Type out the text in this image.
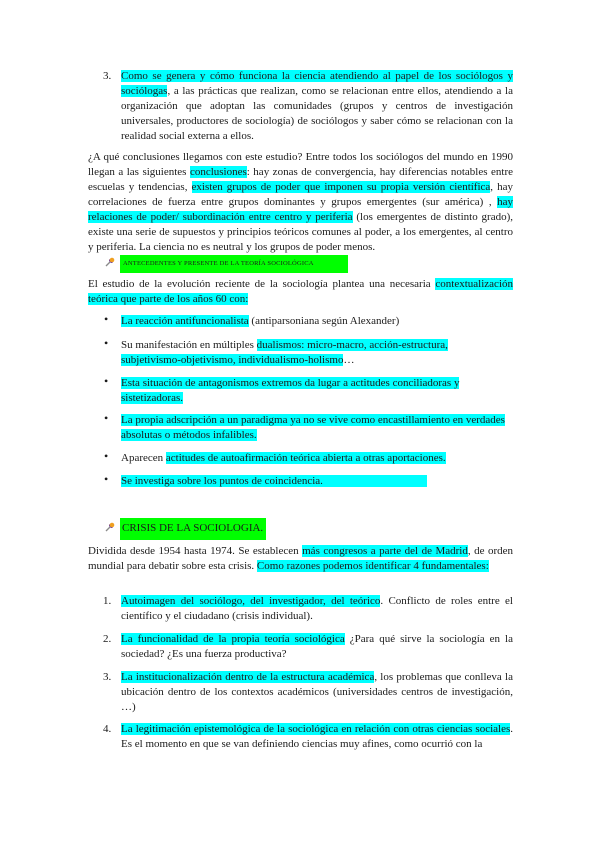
3. Como se genera y cómo funciona la ciencia atendiendo al papel de los sociólogos y sociólogas, a las prácticas que realizan, como se relacionan entre ellos, atendiendo a la organización que adoptan las comunidades (grupos y centros de investigación universales, productores de sociología) de sociólogos y saber cómo se relacionan con la realidad social externa a ellos.
¿A qué conclusiones llegamos con este estudio? Entre todos los sociólogos del mundo en 1990 llegan a las siguientes conclusiones: hay zonas de convergencia, hay diferencias notables entre escuelas y tendencias, existen grupos de poder que imponen su propia versión científica, hay correlaciones de fuerza entre grupos dominantes y grupos emergentes (sur américa) , hay relaciones de poder/ subordinación entre centro y periferia (los emergentes de distinto grado), existe una serie de supuestos y principios teóricos comunes al poder, a los emergentes, al centro y periferia. La ciencia no es neutral y los grupos de poder menos.
ANTECEDENTES Y PRESENTE DE LA TEORÍA SOCIOLÓGICA
El estudio de la evolución reciente de la sociología plantea una necesaria contextualización teórica que parte de los años 60 con:
•	La reacción antifuncionalista (antiparsoniana según Alexander)
•	Su manifestación en múltiples dualismos: micro-macro, acción-estructura, subjetivismo-objetivismo, individualismo-holismo…
•	Esta situación de antagonismos extremos da lugar a actitudes conciliadoras y sistetizadoras.
•	La propia adscripción a un paradigma ya no se vive como encastillamiento en verdades absolutas o métodos infalibles.
•	Aparecen actitudes de autoafirmación teórica abierta a otras aportaciones.
•	Se investiga sobre los puntos de coincidencia.
CRISIS DE LA SOCIOLOGIA.
Dividida desde 1954 hasta 1974. Se establecen más congresos a parte del de Madrid, de orden mundial para debatir sobre esta crisis. Como razones podemos identificar 4 fundamentales:
1. Autoimagen del sociólogo, del investigador, del teórico. Conflicto de roles entre el científico y el ciudadano (crisis individual).
2. La funcionalidad de la propia teoría sociológica ¿Para qué sirve la sociología en la sociedad? ¿Es una fuerza productiva?
3. La institucionalización dentro de la estructura académica, los problemas que conlleva la ubicación dentro de los contextos académicos (universidades centros de investigación, …)
4. La legitimación epistemológica de la sociológica en relación con otras ciencias sociales. Es el momento en que se van definiendo ciencias muy afines, como ocurrió con la
